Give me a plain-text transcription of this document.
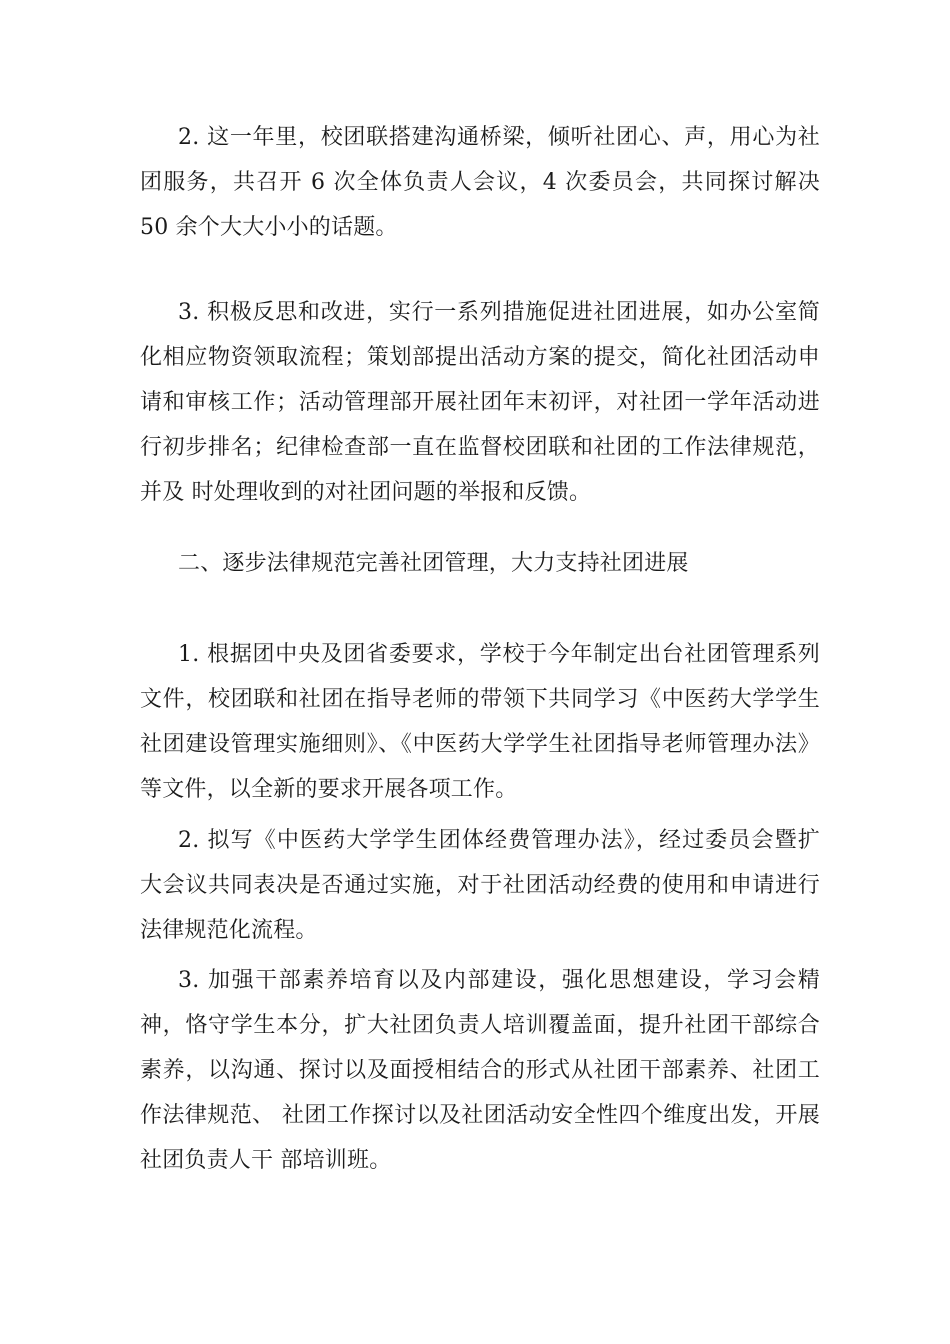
2. 这一年里，校团联搭建沟通桥梁，倾听社团心、声，用心为社团服务，共召开 6 次全体负责人会议，4 次委员会，共同探讨解决 50 余个大大小小的话题。

3. 积极反思和改进，实行一系列措施促进社团进展，如办公室简化相应物资领取流程；策划部提出活动方案的提交，简化社团活动申 请和审核工作；活动管理部开展社团年末初评，对社团一学年活动进 行初步排名；纪律检查部一直在监督校团联和社团的工作法律规范，并及 时处理收到的对社团问题的举报和反馈。

二、逐步法律规范完善社团管理，大力支持社团进展

1. 根据团中央及团省委要求，学校于今年制定出台社团管理系列 文件，校团联和社团在指导老师的带领下共同学习《中医药大学学生 社团建设管理实施细则》、《中医药大学学生社团指导老师管理办法》 等文件，以全新的要求开展各项工作。

2. 拟写《中医药大学学生团体经费管理办法》，经过委员会暨扩 大会议共同表决是否通过实施，对于社团活动经费的使用和申请进行 法律规范化流程。

3. 加强干部素养培育以及内部建设，强化思想建设，学习会精神，恪守学生本分，扩大社团负责人培训覆盖面，提升社团干部综合素养，以沟通、探讨以及面授相结合的形式从社团干部素养、社团工作法律规范、 社团工作探讨以及社团活动安全性四个维度出发，开展社团负责人干 部培训班。
